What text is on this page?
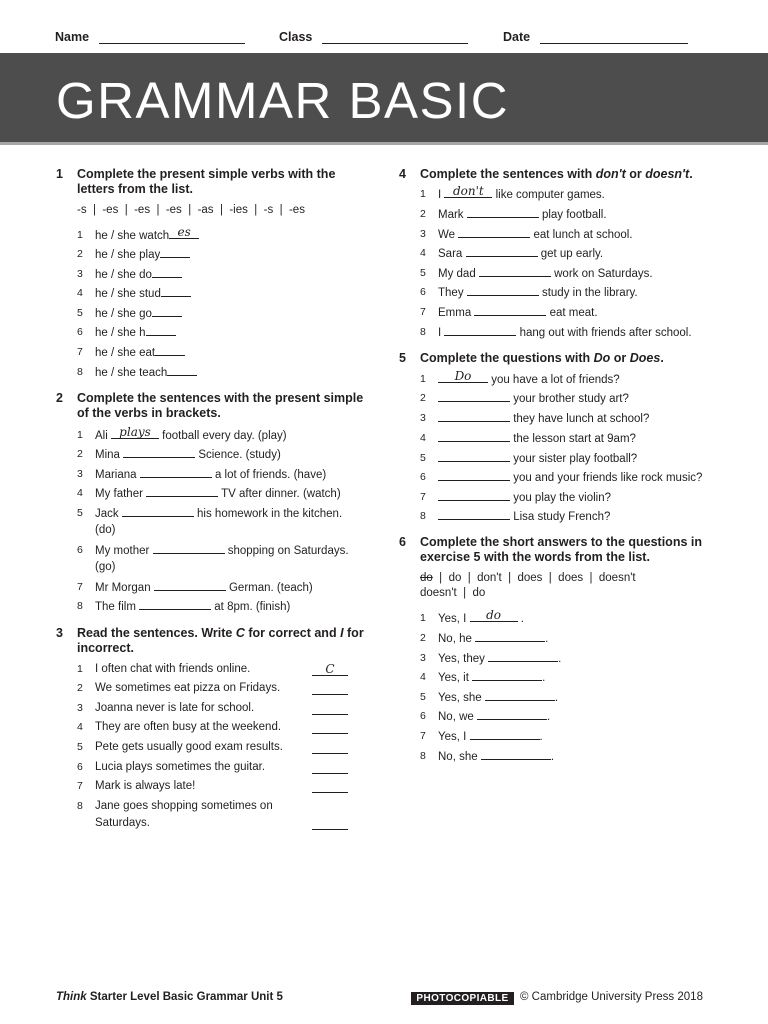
Name	Class	Date
GRAMMAR BASIC
1 Complete the present simple verbs with the letters from the list.
-s  |  -es  |  -es  |  -es  |  -as  |  -ies  |  -s  |  -es
1 he / she watch es
2 he / she play
3 he / she do
4 he / she stud
5 he / she go
6 he / she h
7 he / she eat
8 he / she teach
2 Complete the sentences with the present simple of the verbs in brackets.
1 Ali plays football every day. (play)
2 Mina	Science. (study)
3 Mariana	a lot of friends. (have)
4 My father	TV after dinner. (watch)
5 Jack	his homework in the kitchen.
(do)
6 My mother	shopping on Saturdays.
(go)
7 Mr Morgan	German. (teach)
8 The film	at 8pm. (finish)
3 Read the sentences. Write C for correct and I for incorrect.
1 I often chat with friends online.	C
2 We sometimes eat pizza on Fridays.
3 Joanna never is late for school.
4 They are often busy at the weekend.
5 Pete gets usually good exam results.
6 Lucia plays sometimes the guitar.
7 Mark is always late!
8 Jane goes shopping sometimes on
Saturdays.
4 Complete the sentences with don't or doesn't.
1 I don't like computer games.
2 Mark	play football.
3 We	eat lunch at school.
4 Sara	get up early.
5 My dad	work on Saturdays.
6 They	study in the library.
7 Emma	eat meat.
8 I	hang out with friends after school.
5 Complete the questions with Do or Does.
1	Do	you have a lot of friends?
2	your brother study art?
3	they have lunch at school?
4	the lesson start at 9am?
5	your sister play football?
6	you and your friends like rock music?
7	you play the violin?
8	Lisa study French?
6 Complete the short answers to the questions in exercise 5 with the words from the list.
do  |  do  |  don't  |  does  |  does  |  doesn't
doesn't  |  do
1 Yes, I	do	.
2 No, he	.
3 Yes, they	.
4 Yes, it	.
5 Yes, she	.
6 No, we	.
7 Yes, I	.
8 No, she	.
Think Starter Level Basic Grammar Unit 5	PHOTOCOPIABLE © Cambridge University Press 2018
